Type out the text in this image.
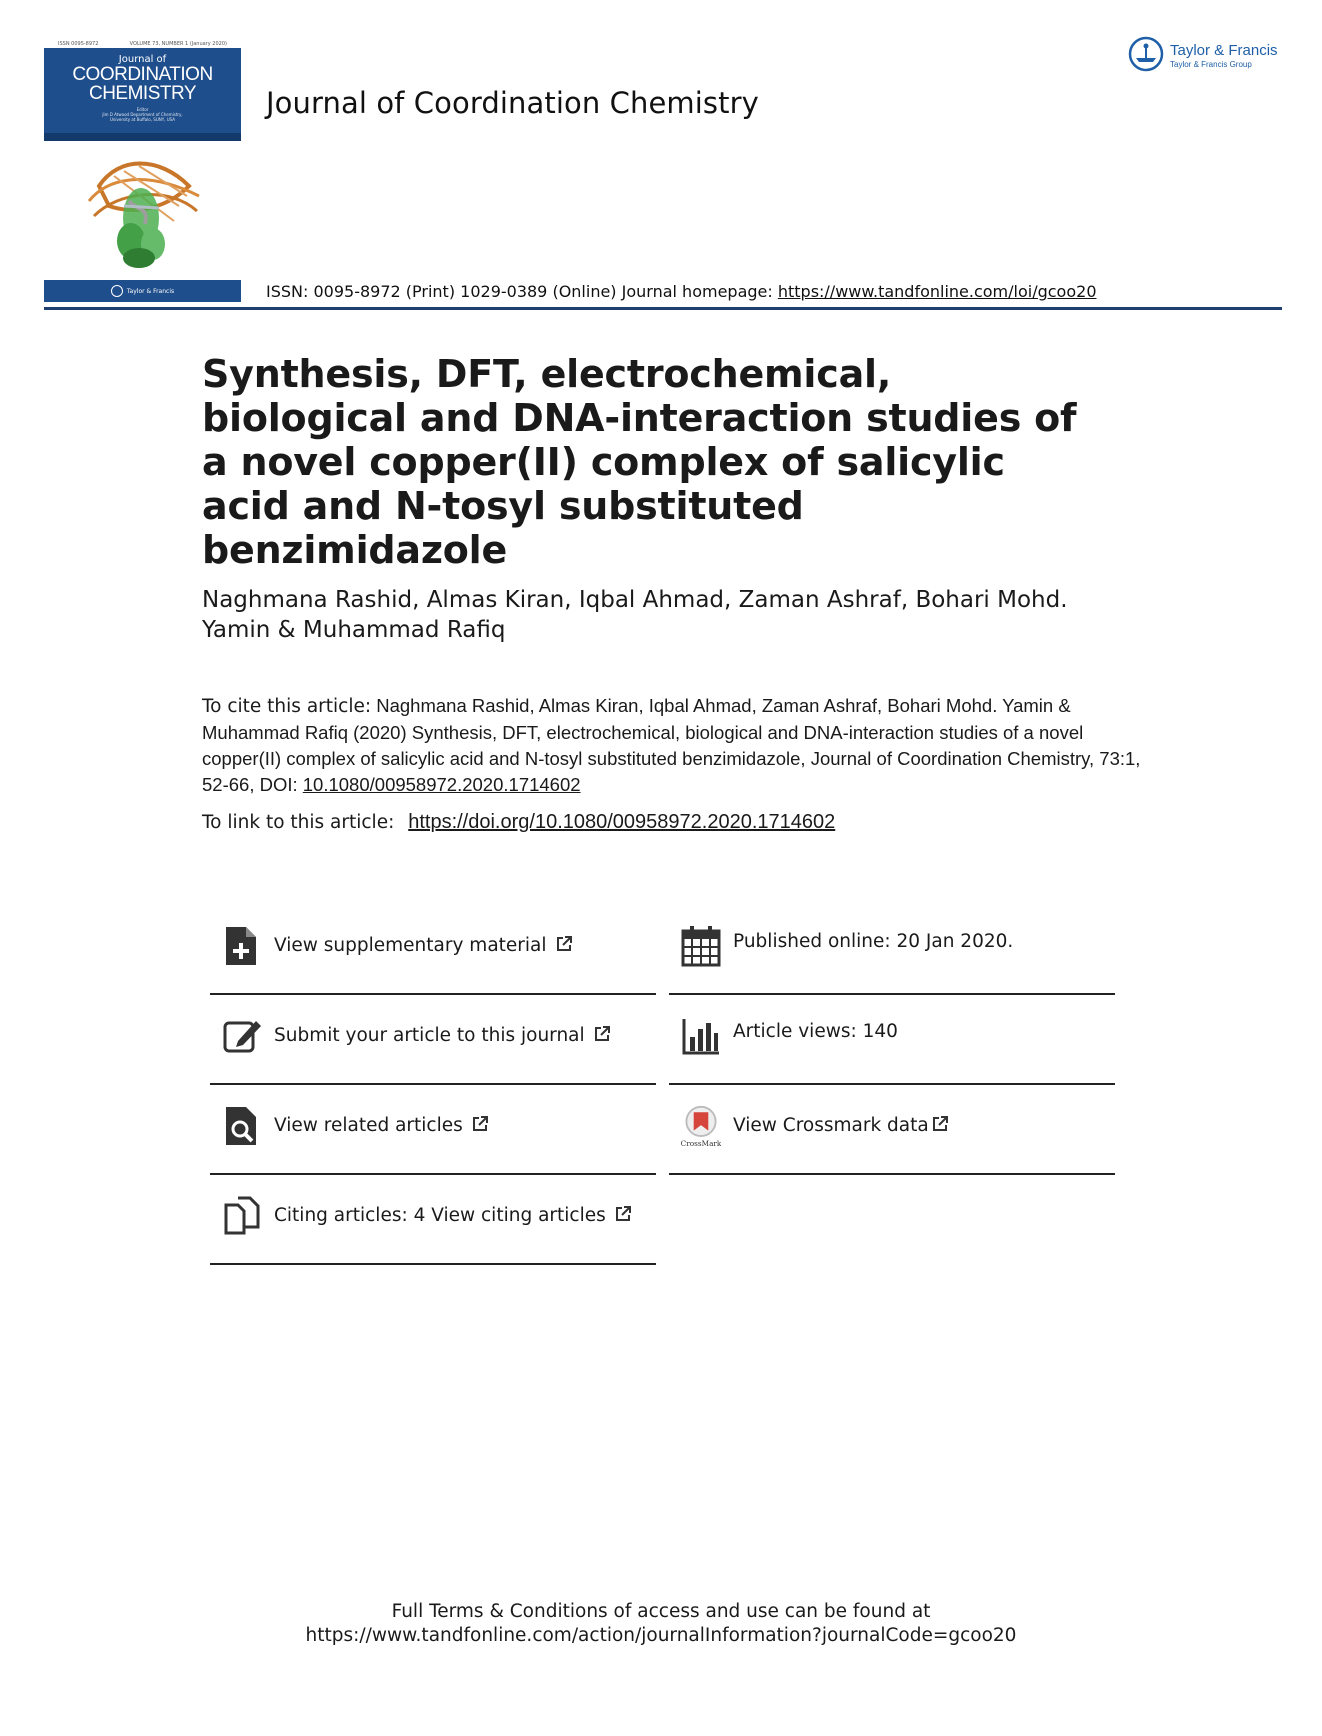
ISSN 0095-8972	VOLUME 73, NUMBER 1 (January 2020)
Journal of
COORDINATION
CHEMISTRY
Editor
Jim D Atwood Department of Chemistry,
University at Buffalo, SUNY, USA
Taylor & Francis
Journal of Coordination Chemistry
Taylor & Francis
Taylor & Francis Group
ISSN: 0095-8972 (Print) 1029-0389 (Online) Journal homepage: https://www.tandfonline.com/loi/gcoo20
Synthesis, DFT, electrochemical, biological and DNA-interaction studies of a novel copper(II) complex of salicylic acid and N-tosyl substituted benzimidazole
Naghmana Rashid, Almas Kiran, Iqbal Ahmad, Zaman Ashraf, Bohari Mohd.
Yamin & Muhammad Rafiq
To cite this article: Naghmana Rashid, Almas Kiran, Iqbal Ahmad, Zaman Ashraf, Bohari Mohd. Yamin & Muhammad Rafiq (2020) Synthesis, DFT, electrochemical, biological and DNA-interaction studies of a novel copper(II) complex of salicylic acid and N-tosyl substituted benzimidazole, Journal of Coordination Chemistry, 73:1, 52-66, DOI: 10.1080/00958972.2020.1714602
To link to this article: https://doi.org/10.1080/00958972.2020.1714602
View supplementary material
Submit your article to this journal
View related articles
Citing articles: 4 View citing articles
Published online: 20 Jan 2020.
Article views: 140
CrossMark
View Crossmark data
Full Terms & Conditions of access and use can be found at
https://www.tandfonline.com/action/journalInformation?journalCode=gcoo20
